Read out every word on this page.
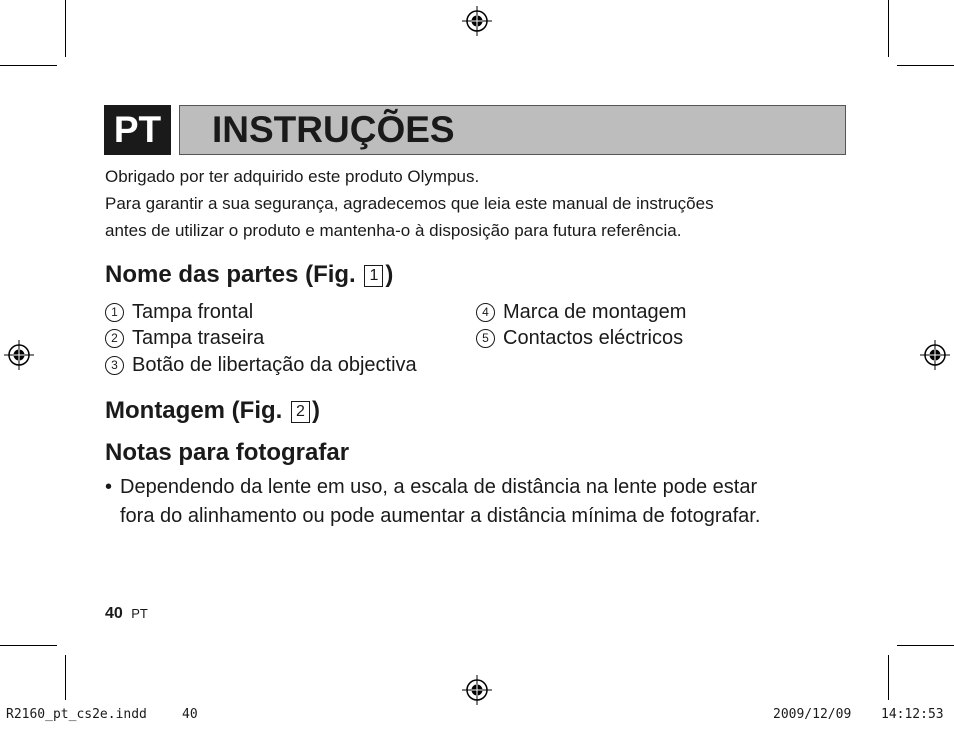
PT INSTRUÇÕES
Obrigado por ter adquirido este produto Olympus.
Para garantir a sua segurança, agradecemos que leia este manual de instruções
antes de utilizar o produto e mantenha-o à disposição para futura referência.
Nome das partes (Fig. 1 )
1 Tampa frontal
2 Tampa traseira
3 Botão de libertação da objectiva
4 Marca de montagem
5 Contactos eléctricos
Montagem (Fig. 2 )
Notas para fotografar
• Dependendo da lente em uso, a escala de distância na lente pode estar
fora do alinhamento ou pode aumentar a distância mínima de fotografar.
40 PT
R2160_pt_cs2e.indd	40	2009/12/09 14:12:53
